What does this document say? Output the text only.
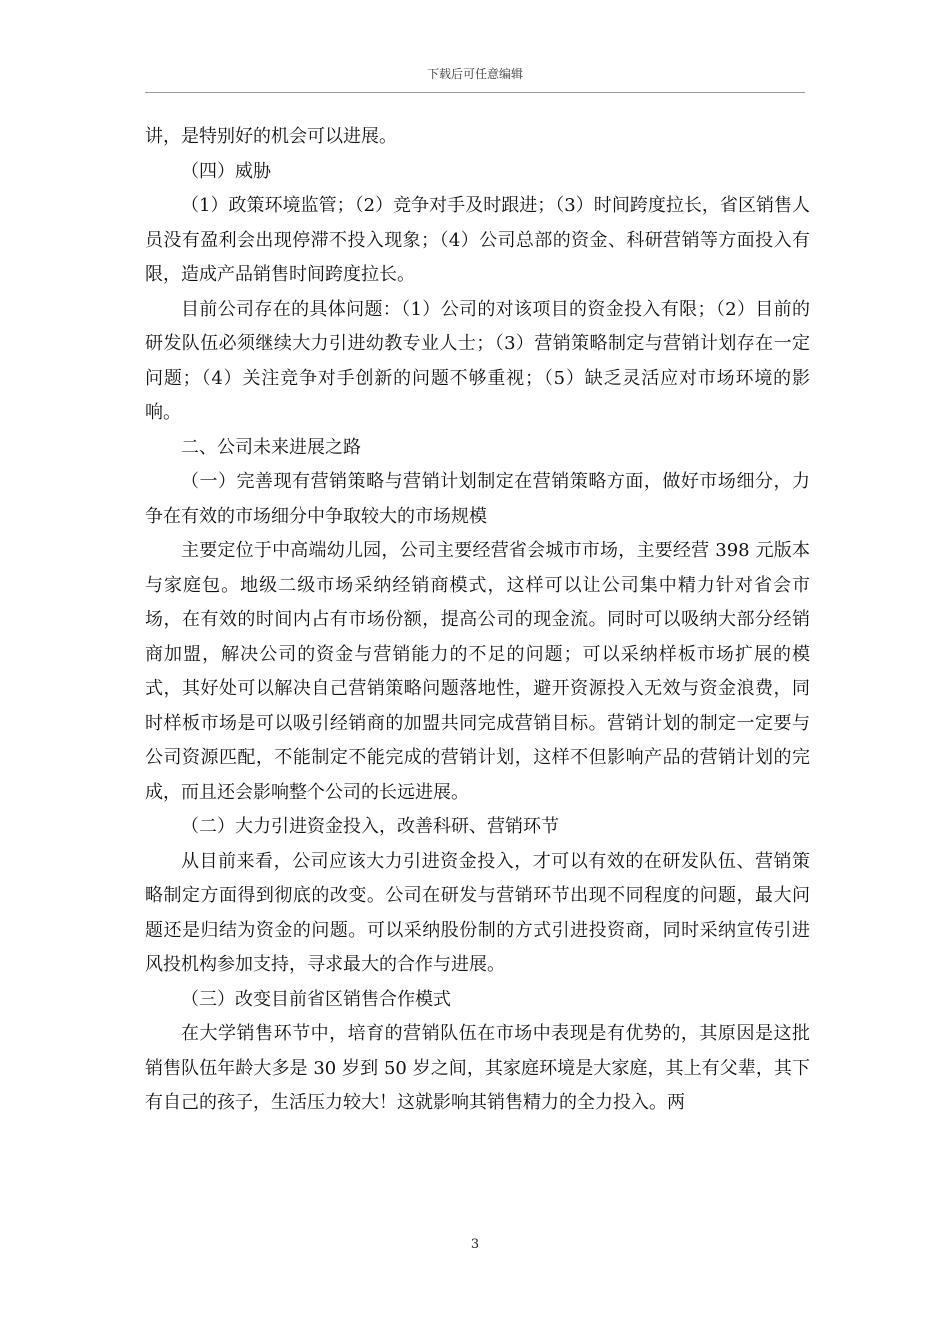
下载后可任意编辑

讲，是特别好的机会可以进展。

（四）威胁

（1）政策环境监管；（2）竞争对手及时跟进；（3）时间跨度拉长，省区销售人员没有盈利会出现停滞不投入现象；（4）公司总部的资金、科研营销等方面投入有限，造成产品销售时间跨度拉长。

目前公司存在的具体问题：（1）公司的对该项目的资金投入有限；（2）目前的研发队伍必须继续大力引进幼教专业人士；（3）营销策略制定与营销计划存在一定问题；（4）关注竞争对手创新的问题不够重视；（5）缺乏灵活应对市场环境的影响。

二、公司未来进展之路

（一）完善现有营销策略与营销计划制定在营销策略方面，做好市场细分，力争在有效的市场细分中争取较大的市场规模

主要定位于中高端幼儿园，公司主要经营省会城市市场，主要经营 398 元版本与家庭包。地级二级市场采纳经销商模式，这样可以让公司集中精力针对省会市场，在有效的时间内占有市场份额，提高公司的现金流。同时可以吸纳大部分经销商加盟，解决公司的资金与营销能力的不足的问题；可以采纳样板市场扩展的模式，其好处可以解决自己营销策略问题落地性，避开资源投入无效与资金浪费，同时样板市场是可以吸引经销商的加盟共同完成营销目标。营销计划的制定一定要与公司资源匹配，不能制定不能完成的营销计划，这样不但影响产品的营销计划的完成，而且还会影响整个公司的长远进展。

（二）大力引进资金投入，改善科研、营销环节

从目前来看，公司应该大力引进资金投入，才可以有效的在研发队伍、营销策略制定方面得到彻底的改变。公司在研发与营销环节出现不同程度的问题，最大问题还是归结为资金的问题。可以采纳股份制的方式引进投资商，同时采纳宣传引进风投机构参加支持，寻求最大的合作与进展。

（三）改变目前省区销售合作模式

在大学销售环节中，培育的营销队伍在市场中表现是有优势的，其原因是这批销售队伍年龄大多是 30 岁到 50 岁之间，其家庭环境是大家庭，其上有父辈，其下有自己的孩子，生活压力较大！这就影响其销售精力的全力投入。两

3
